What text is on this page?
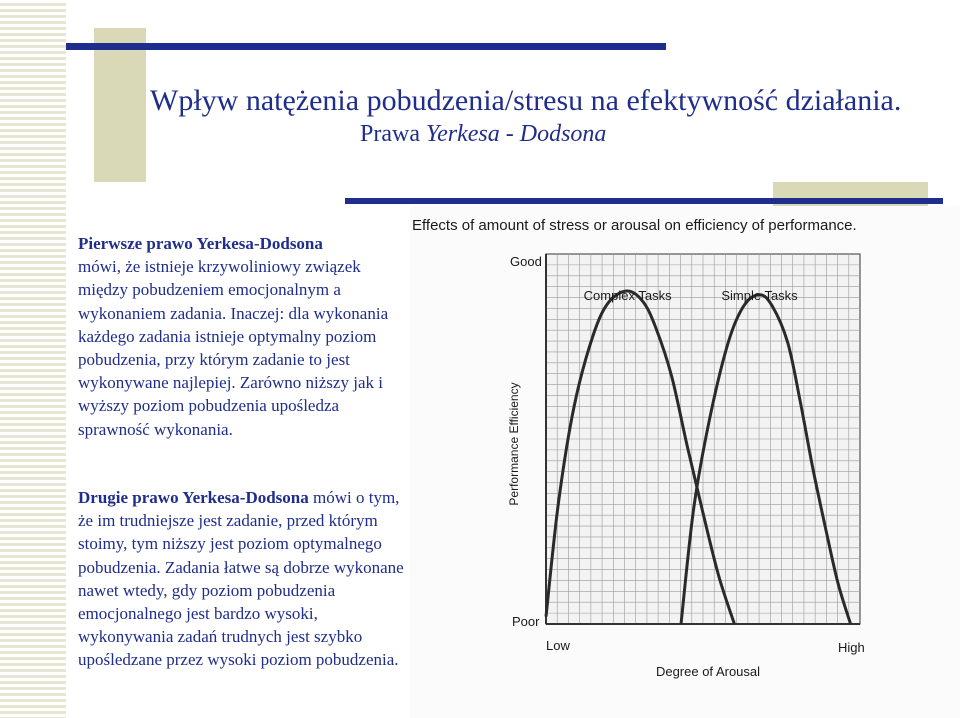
Wpływ natężenia pobudzenia/stresu na efektywność działania.
Prawa Yerkesa - Dodsona
Pierwsze prawo Yerkesa-Dodsona
mówi, że istnieje krzywoliniowy związek między pobudzeniem emocjonalnym a wykonaniem zadania. Inaczej: dla wykonania każdego zadania istnieje optymalny poziom pobudzenia, przy którym zadanie to jest wykonywane najlepiej. Zarówno niższy jak i wyższy poziom pobudzenia upośledza sprawność wykonania.
Drugie prawo Yerkesa-Dodsona mówi o tym, że im trudniejsze jest zadanie, przed którym stoimy, tym niższy jest poziom optymalnego pobudzenia. Zadania łatwe są dobrze wykonane nawet wtedy, gdy poziom pobudzenia emocjonalnego jest bardzo wysoki, wykonywania zadań trudnych jest szybko upośledzane przez wysoki poziom pobudzenia.
Effects of amount of stress or arousal on efficiency of performance.
Complex Tasks	Simple Tasks
Good
Poor
Low	High
Degree of Arousal
Performance Efficiency
